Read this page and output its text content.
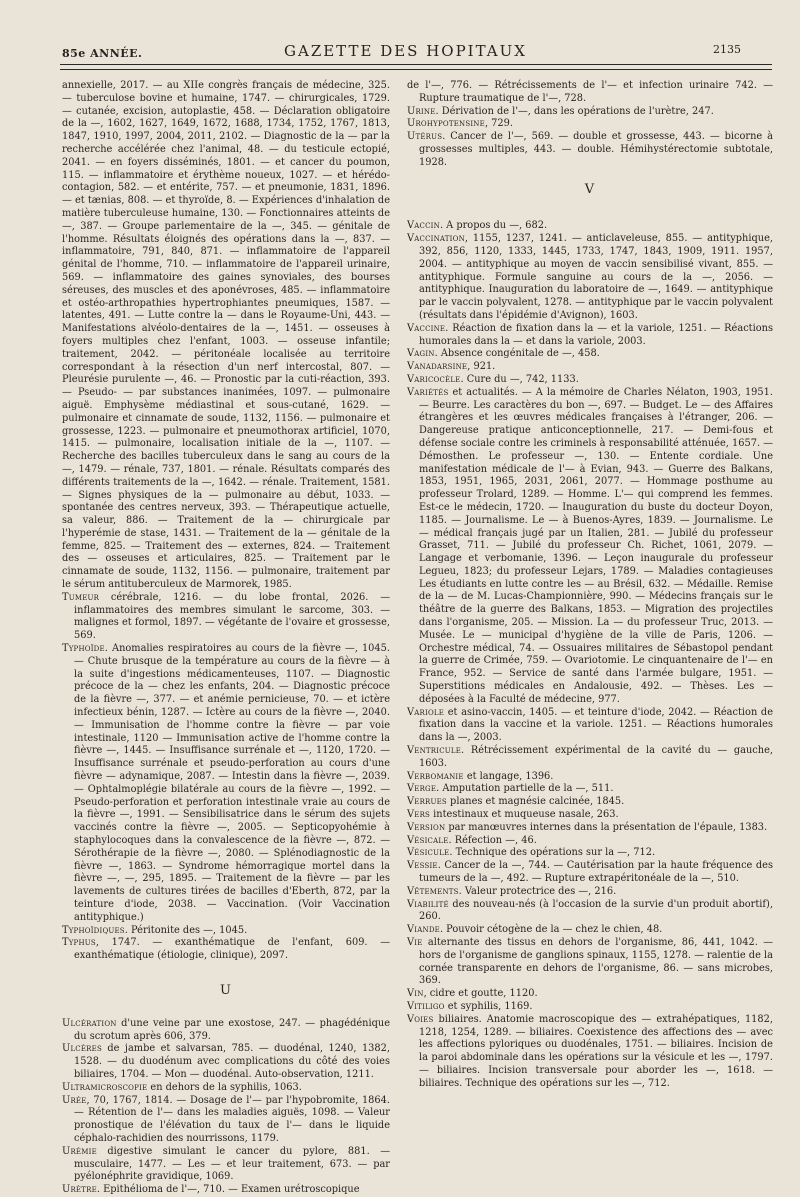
85e ANNÉE.	GAZETTE DES HOPITAUX	2135

annexielle, 2017. — au XIIe congrès français de médecine, 325. — tuberculose bovine et humaine, 1747. — chirurgicales, 1729. — cutanée, excision, autoplastie, 458. — Déclaration obligatoire de la —, 1602, 1627, 1649, 1672, 1688, 1734, 1752, 1767, 1813, 1847, 1910, 1997, 2004, 2011, 2102. — Diagnostic de la — par la recherche accélérée chez l'animal, 48. — du testicule ectopié, 2041. — en foyers disséminés, 1801. — et cancer du poumon, 115. — inflammatoire et érythème noueux, 1027. — et hérédo-contagion, 582. — et entérite, 757. — et pneumonie, 1831, 1896. — et tænias, 808. — et thyroïde, 8. — Expériences d'inhalation de matière tuberculeuse humaine, 130. — Fonctionnaires atteints de —, 387. — Groupe parlementaire de la —, 345. — génitale de l'homme. Résultats éloignés des opérations dans la —, 837. — inflammatoire, 791, 840, 871. — inflammatoire de l'appareil génital de l'homme, 710. — inflammatoire de l'appareil urinaire, 569. — inflammatoire des gaines synoviales, des bourses séreuses, des muscles et des aponévroses, 485. — inflammatoire et ostéo-arthropathies hypertrophiantes pneumiques, 1587. — latentes, 491. — Lutte contre la — dans le Royaume-Uni, 443. — Manifestations alvéolo-dentaires de la —, 1451. — osseuses à foyers multiples chez l'enfant, 1003. — osseuse infantile; traitement, 2042. — péritonéale localisée au territoire correspondant à la résection d'un nerf intercostal, 807. — Pleurésie purulente —, 46. — Pronostic par la cuti-réaction, 393. — Pseudo- — par substances inanimées, 1097. — pulmonaire aiguë. Emphysème médiastinal et sous-cutané, 1629. — pulmonaire et cinnamate de soude, 1132, 1156. — pulmonaire et grossesse, 1223. — pulmonaire et pneumothorax artificiel, 1070, 1415. — pulmonaire, localisation initiale de la —, 1107. — Recherche des bacilles tuberculeux dans le sang au cours de la —, 1479. — rénale, 737, 1801. — rénale. Résultats comparés des différents traitements de la —, 1642. — rénale. Traitement, 1581. — Signes physiques de la — pulmonaire au début, 1033. — spontanée des centres nerveux, 393. — Thérapeutique actuelle, sa valeur, 886. — Traitement de la — chirurgicale par l'hyperémie de stase, 1431. — Traitement de la — génitale de la femme, 825. — Traitement des — externes, 824. — Traitement des — osseuses et articulaires, 825. — Traitement par le cinnamate de soude, 1132, 1156. — pulmonaire, traitement par le sérum antituberculeux de Marmorek, 1985.

Tumeur cérébrale, 1216. — du lobe frontal, 2026. — inflammatoires des membres simulant le sarcome, 303. — malignes et formol, 1897. — végétante de l'ovaire et grossesse, 569.

Typhoïde. Anomalies respiratoires au cours de la fièvre —, 1045. — Chute brusque de la température au cours de la fièvre — à la suite d'ingestions médicamenteuses, 1107. — Diagnostic précoce de la — chez les enfants, 204. — Diagnostic précoce de la fièvre —, 377. — et anémie pernicieuse, 70. — et ictère infectieux bénin, 1287. — Ictère au cours de la fièvre —, 2040. — Immunisation de l'homme contre la fièvre — par voie intestinale, 1120 — Immunisation active de l'homme contre la fièvre —, 1445. — Insuffisance surrénale et —, 1120, 1720. — Insuffisance surrénale et pseudo-perforation au cours d'une fièvre — adynamique, 2087. — Intestin dans la fièvre —, 2039. — Ophtalmoplégie bilatérale au cours de la fièvre —, 1992. — Pseudo-perforation et perforation intestinale vraie au cours de la fièvre —, 1991. — Sensibilisatrice dans le sérum des sujets vaccinés contre la fièvre —, 2005. — Septicopyohémie à staphylocoques dans la convalescence de la fièvre —, 872. — Sérothérapie de la fièvre —, 2080. — Splénodiagnostic de la fièvre —, 1863. — Syndrome hémorragique mortel dans la fièvre —, —, 295, 1895. — Traitement de la fièvre — par les lavements de cultures tirées de bacilles d'Eberth, 872, par la teinture d'iode, 2038. — Vaccination. (Voir Vaccination antityphique.)

Typhoïdiques. Péritonite des —, 1045.

Typhus, 1747. — exanthématique de l'enfant, 609. — exanthématique (étiologie, clinique), 2097.

U

Ulcération d'une veine par une exostose, 247. — phagédénique du scrotum après 606, 379.

Ulcères de jambe et salvarsan, 785. — duodénal, 1240, 1382, 1528. — du duodénum avec complications du côté des voies biliaires, 1704. — Mon — duodénal. Auto-observation, 1211.

Ultramicroscopie en dehors de la syphilis, 1063.

Urée, 70, 1767, 1814. — Dosage de l'— par l'hypobromite, 1864. — Rétention de l'— dans les maladies aiguës, 1098. — Valeur pronostique de l'élévation du taux de l'— dans le liquide céphalo-rachidien des nourrissons, 1179.

Urémie digestive simulant le cancer du pylore, 881. — musculaire, 1477. — Les — et leur traitement, 673. — par pyélonéphrite gravidique, 1069.

Urètre. Epithélioma de l'—, 710. — Examen urétroscopique

de l'—, 776. — Rétrécissements de l'— et infection urinaire 742. — Rupture traumatique de l'—, 728.

Urine. Dérivation de l'—, dans les opérations de l'urètre, 247.

Urohypotensine, 729.

Utérus. Cancer de l'—, 569. — double et grossesse, 443. — bicorne à grossesses multiples, 443. — double. Hémihystérectomie subtotale, 1928.

V

Vaccin. A propos du —, 682.

Vaccination, 1155, 1237, 1241. — anticlaveleuse, 855. — antityphique, 392, 856, 1120, 1333, 1445, 1733, 1747, 1843, 1909, 1911. 1957, 2004. — antityphique au moyen de vaccin sensibilisé vivant, 855. — antityphique. Formule sanguine au cours de la —, 2056. — antityphique. Inauguration du laboratoire de —, 1649. — antityphique par le vaccin polyvalent, 1278. — antityphique par le vaccin polyvalent (résultats dans l'épidémie d'Avignon), 1603.

Vaccine. Réaction de fixation dans la — et la variole, 1251. — Réactions humorales dans la — et dans la variole, 2003.

Vagin. Absence congénitale de —, 458.

Vanadarsine, 921.

Varicocèle. Cure du —, 742, 1133.

Variétés et actualités. — A la mémoire de Charles Nélaton, 1903, 1951. — Beurre. Les caractères du bon —, 697. — Budget. Le — des Affaires étrangères et les œuvres médicales françaises à l'étranger, 206. — Dangereuse pratique anticonceptionnelle, 217. — Demi-fous et défense sociale contre les criminels à responsabilité atténuée, 1657. — Démosthen. Le professeur —, 130. — Entente cordiale. Une manifestation médicale de l'— à Evian, 943. — Guerre des Balkans, 1853, 1951, 1965, 2031, 2061, 2077. — Hommage posthume au professeur Trolard, 1289. — Homme. L'— qui comprend les femmes. Est-ce le médecin, 1720. — Inauguration du buste du docteur Doyon, 1185. — Journalisme. Le — à Buenos-Ayres, 1839. — Journalisme. Le — médical français jugé par un Italien, 281. — Jubilé du professeur Grasset, 711. — Jubilé du professeur Ch. Richet, 1061, 2079. — Langage et verbomanie, 1396. — Leçon inaugurale du professeur Legueu, 1823; du professeur Lejars, 1789. — Maladies contagieuses Les étudiants en lutte contre les — au Brésil, 632. — Médaille. Remise de la — de M. Lucas-Championnière, 990. — Médecins français sur le théâtre de la guerre des Balkans, 1853. — Migration des projectiles dans l'organisme, 205. — Mission. La — du professeur Truc, 2013. — Musée. Le — municipal d'hygiène de la ville de Paris, 1206. — Orchestre médical, 74. — Ossuaires militaires de Sébastopol pendant la guerre de Crimée, 759. — Ovariotomie. Le cinquantenaire de l'— en France, 952. — Service de santé dans l'armée bulgare, 1951. — Superstitions médicales en Andalousie, 492. — Thèses. Les — déposées à la Faculté de médecine, 977.

Variole et asino-vaccin, 1405. — et teinture d'iode, 2042. — Réaction de fixation dans la vaccine et la variole. 1251. — Réactions humorales dans la —, 2003.

Ventricule. Rétrécissement expérimental de la cavité du — gauche, 1603.

Verbomanie et langage, 1396.

Verge. Amputation partielle de la —, 511.

Verrues planes et magnésie calcinée, 1845.

Vers intestinaux et muqueuse nasale, 263.

Version par manœuvres internes dans la présentation de l'épaule, 1383.

Vésicale. Réfection —, 46.

Vésicule. Technique des opérations sur la —, 712.

Vessie. Cancer de la —, 744. — Cautérisation par la haute fréquence des tumeurs de la —, 492. — Rupture extrapéritonéale de la —, 510.

Vêtements. Valeur protectrice des —, 216.

Viabilité des nouveau-nés (à l'occasion de la survie d'un produit abortif), 260.

Viande. Pouvoir cétogène de la — chez le chien, 48.

Vie alternante des tissus en dehors de l'organisme, 86, 441, 1042. — hors de l'organisme de ganglions spinaux, 1155, 1278. — ralentie de la cornée transparente en dehors de l'organisme, 86. — sans microbes, 369.

Vin, cidre et goutte, 1120.

Vitiligo et syphilis, 1169.

Voies biliaires. Anatomie macroscopique des — extrahépatiques, 1182, 1218, 1254, 1289. — biliaires. Coexistence des affections des — avec les affections pyloriques ou duodénales, 1751. — biliaires. Incision de la paroi abdominale dans les opérations sur la vésicule et les —, 1797. — biliaires. Incision transversale pour aborder les —, 1618. — biliaires. Technique des opérations sur les —, 712.
